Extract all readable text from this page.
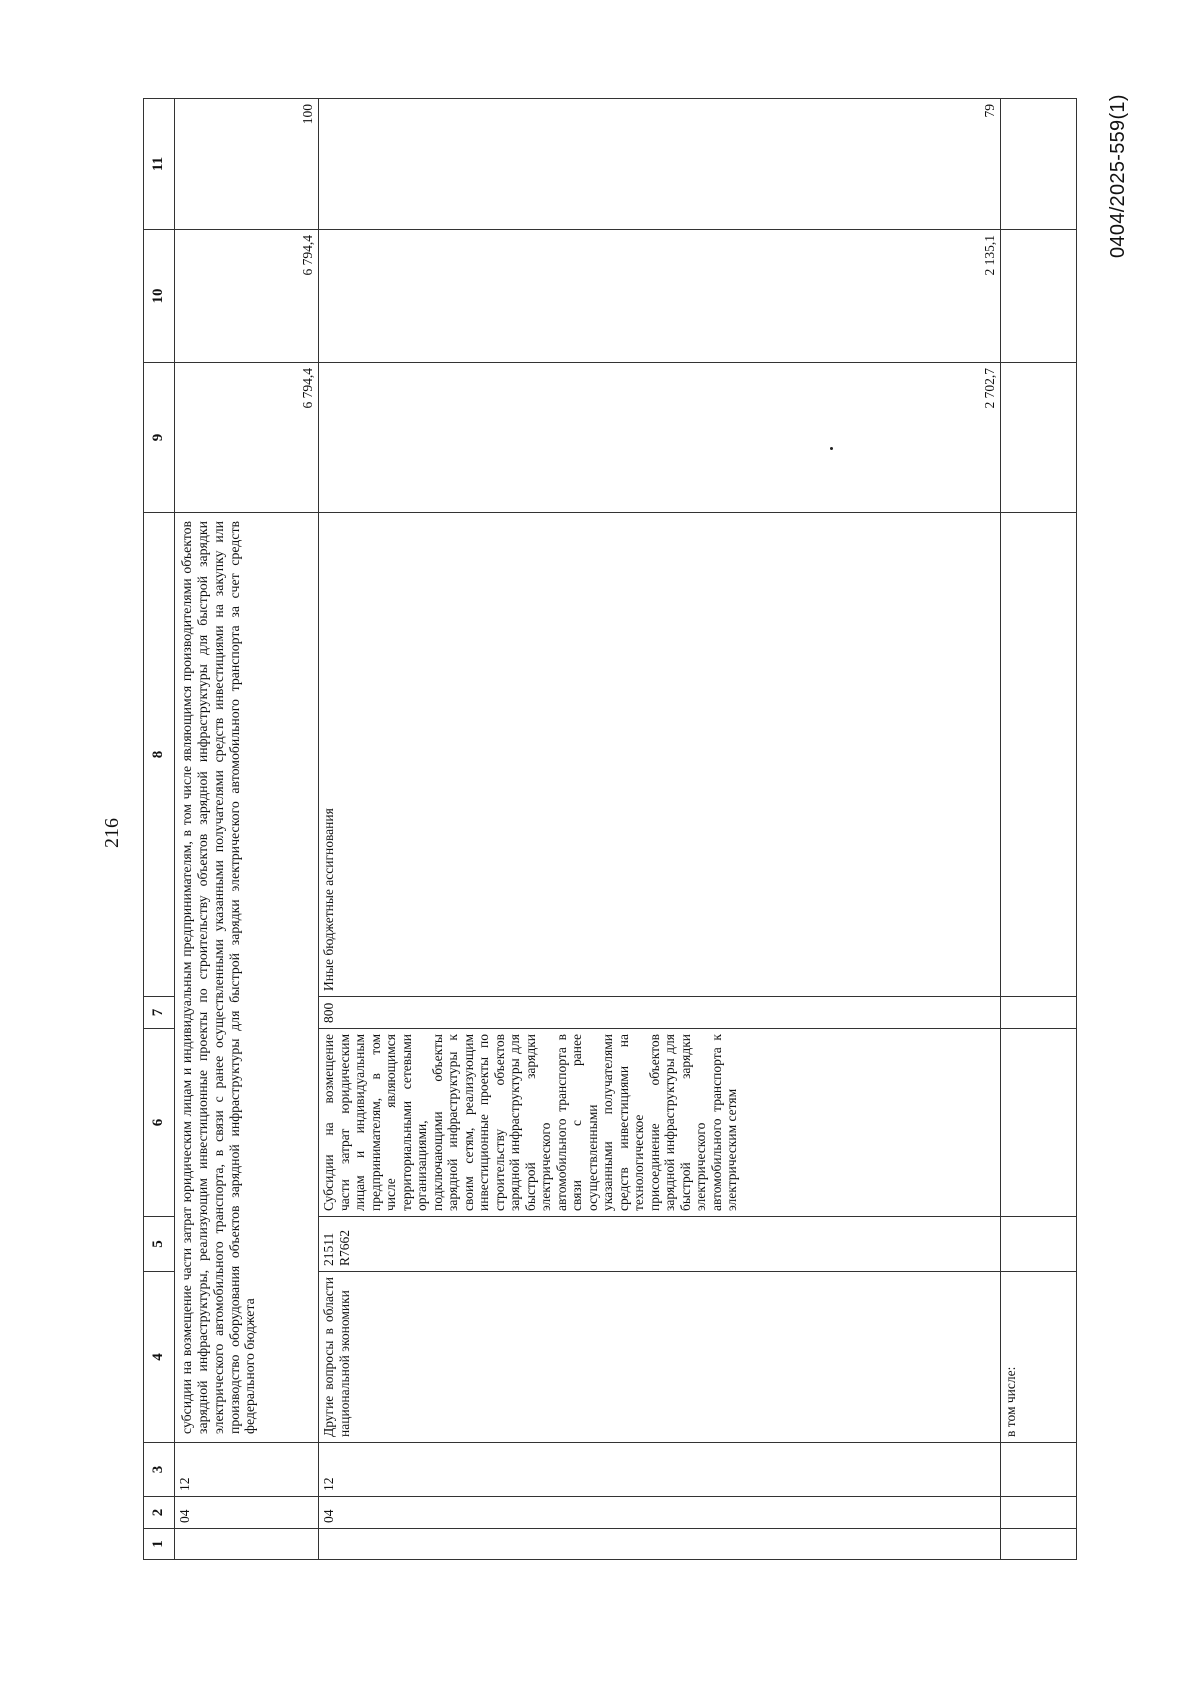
216
1	2	3	4	5	6	7	8	9	10	11
	04	12	субсидии на возмещение части затрат юридическим лицам и индивидуальным предпринимателям, в том числе являющимся производителями объектов зарядной инфраструктуры, реализующим инвестиционные проекты по строительству объектов зарядной инфраструктуры для быстрой зарядки электрического автомобильного транспорта, в связи с ранее осуществленными указанными получателями средств инвестициями на закупку или производство оборудования объектов зарядной инфраструктуры для быстрой зарядки электрического автомобильного транспорта за счет средств федерального бюджета					6 794,4	6 794,4	100
	04	12	Другие вопросы в области национальной экономики	21511 R7662	Субсидии на возмещение части затрат юридическим лицам и индивидуальным предпринимателям, в том числе являющимся территориальными сетевыми организациями, подключающими объекты зарядной инфраструктуры к своим сетям, реализующим инвестиционные проекты по строительству объектов зарядной инфраструктуры для быстрой зарядки электрического автомобильного транспорта в связи с ранее осуществленными указанными получателями средств инвестициями на технологическое присоединение объектов зарядной инфраструктуры для быстрой зарядки электрического автомобильного транспорта к электрическим сетям	800	Иные бюджетные ассигнования	2 702,7	2 135,1	79
			в том числе:							
0404/2025-559(1)
